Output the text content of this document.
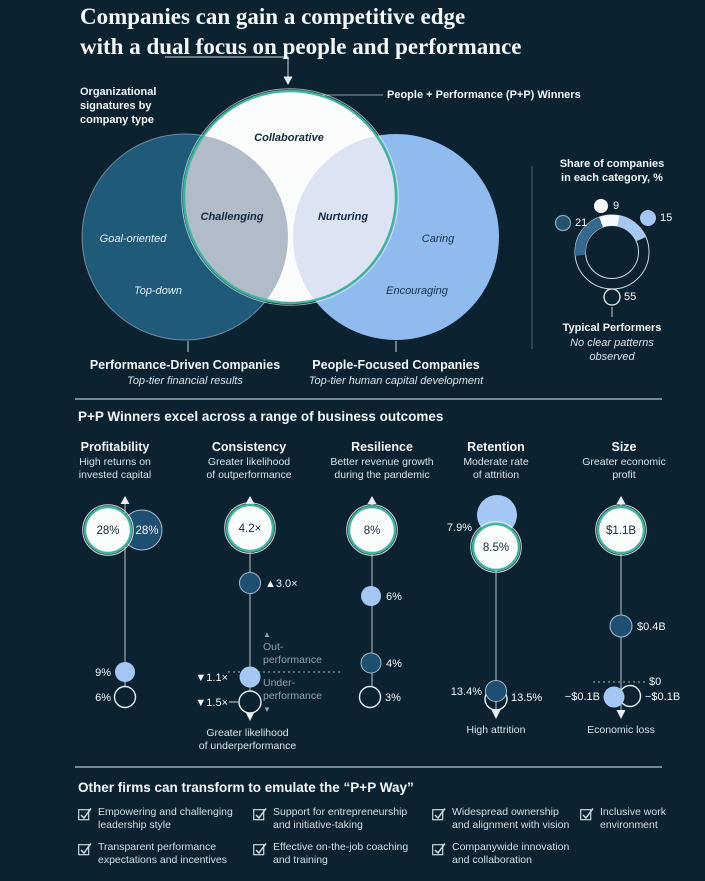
Companies can gain a competitive edge
with a dual focus on people and performance
Organizational
signatures by
company type
People + Performance (P+P) Winners
Collaborative
Challenging	Nurturing
Goal-oriented
Top-down
Caring
Encouraging
Performance-Driven Companies
Top-tier financial results
People-Focused Companies
Top-tier human capital development
Share of companies
in each category, %
9
15
21
55
Typical Performers
No clear patterns
observed
P+P Winners excel across a range of business outcomes
Profitability
High returns on
invested capital
Consistency
Greater likelihood
of outperformance
Resilience
Better revenue growth
during the pandemic
Retention
Moderate rate
of attrition
Size
Greater economic
profit
28%	28%
9%
6%
4.2×
▲3.0×
▲
Out-
performance
▼1.1×
▼1.5×
Under-
performance
▼
Greater likelihood
of underperformance
8%
6%
4%
3%
7.9%
8.5%
13.4%	13.5%
High attrition
$1.1B
$0.4B
$0
−$0.1B	−$0.1B
Economic loss
Other firms can transform to emulate the “P+P Way”
Empowering and challenging
leadership style
Support for entrepreneurship
and initiative-taking
Widespread ownership
and alignment with vision
Inclusive work
environment
Transparent performance
expectations and incentives
Effective on-the-job coaching
and training
Companywide innovation
and collaboration
